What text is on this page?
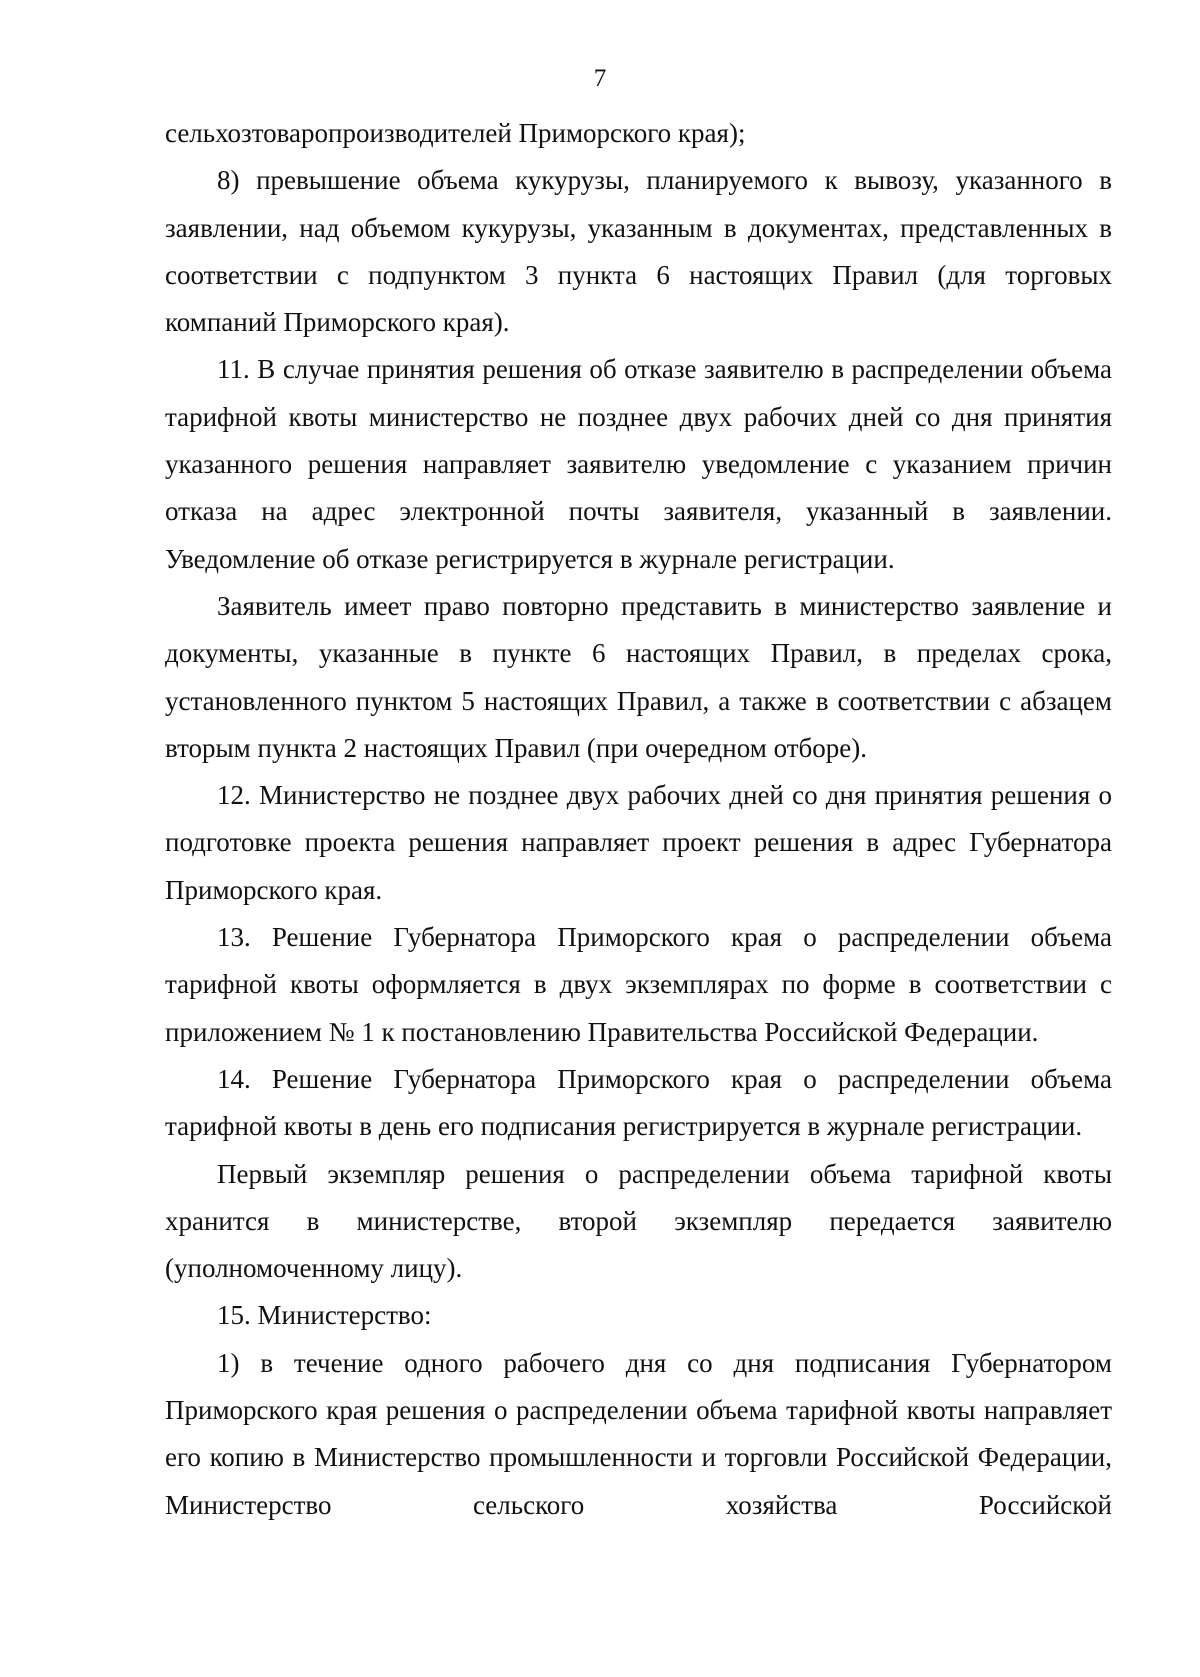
7

сельхозтоваропроизводителей Приморского края);

8) превышение объема кукурузы, планируемого к вывозу, указанного в заявлении, над объемом кукурузы, указанным в документах, представленных в соответствии с подпунктом 3 пункта 6 настоящих Правил (для торговых компаний Приморского края).

11. В случае принятия решения об отказе заявителю в распределении объема тарифной квоты министерство не позднее двух рабочих дней со дня принятия указанного решения направляет заявителю уведомление с указанием причин отказа на адрес электронной почты заявителя, указанный в заявлении. Уведомление об отказе регистрируется в журнале регистрации.

Заявитель имеет право повторно представить в министерство заявление и документы, указанные в пункте 6 настоящих Правил, в пределах срока, установленного пунктом 5 настоящих Правил, а также в соответствии с абзацем вторым пункта 2 настоящих Правил (при очередном отборе).

12. Министерство не позднее двух рабочих дней со дня принятия решения о подготовке проекта решения направляет проект решения в адрес Губернатора Приморского края.

13. Решение Губернатора Приморского края о распределении объема тарифной квоты оформляется в двух экземплярах по форме в соответствии с приложением № 1 к постановлению Правительства Российской Федерации.

14. Решение Губернатора Приморского края о распределении объема тарифной квоты в день его подписания регистрируется в журнале регистрации.

Первый экземпляр решения о распределении объема тарифной квоты хранится в министерстве, второй экземпляр передается заявителю (уполномоченному лицу).

15. Министерство:

1) в течение одного рабочего дня со дня подписания Губернатором Приморского края решения о распределении объема тарифной квоты направляет его копию в Министерство промышленности и торговли Российской Федерации, Министерство сельского хозяйства Российской
